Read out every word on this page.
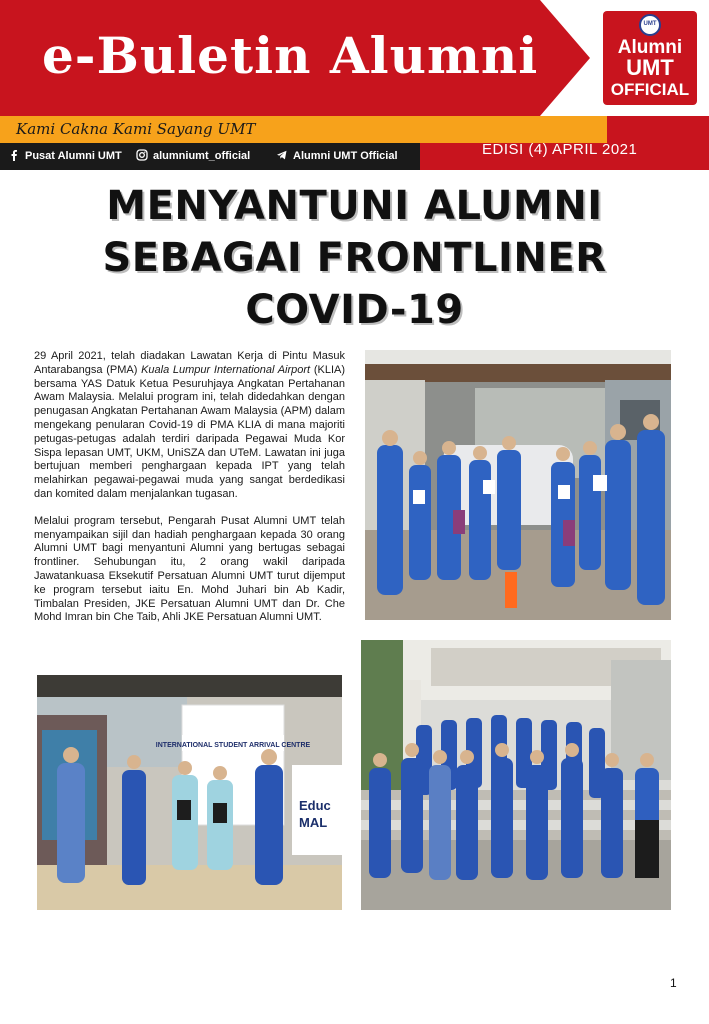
e-Buletin Alumni
UMT
Alumni
UMT
OFFICIAL
Kami Cakna Kami Sayang UMT
Pusat Alumni UMT	alumniumt_official	Alumni UMT Official	EDISI (4) APRIL 2021
MENYANTUNI ALUMNI
SEBAGAI FRONTLINER
COVID-19

29 April 2021, telah diadakan Lawatan Kerja di Pintu Masuk Antarabangsa (PMA) Kuala Lumpur International Airport (KLIA) bersama YAS Datuk Ketua Pesuruhjaya Angkatan Pertahanan Awam Malaysia. Melalui program ini, telah didedahkan dengan penugasan Angkatan Pertahanan Awam Malaysia (APM) dalam mengekang penularan Covid-19 di PMA KLIA di mana majoriti petugas-petugas adalah terdiri daripada Pegawai Muda Kor Sispa lepasan UMT, UKM, UniSZA dan UTeM. Lawatan ini juga bertujuan memberi penghargaan kepada IPT yang telah melahirkan pegawai-pegawai muda yang sangat berdedikasi dan komited dalam menjalankan tugasan.

Melalui program tersebut, Pengarah Pusat Alumni UMT telah menyampaikan sijil dan hadiah penghargaan kepada 30 orang Alumni UMT bagi menyantuni Alumni yang bertugas sebagai frontliner. Sehubungan itu, 2 orang wakil daripada Jawatankuasa Eksekutif Persatuan Alumni UMT turut dijemput ke program tersebut iaitu En. Mohd Juhari bin Ab Kadir, Timbalan Presiden, JKE Persatuan Alumni UMT dan Dr. Che Mohd Imran bin Che Taib, Ahli JKE Persatuan Alumni UMT.

INTERNATIONAL STUDENT ARRIVAL CENTRE
Educ
MAL
1
